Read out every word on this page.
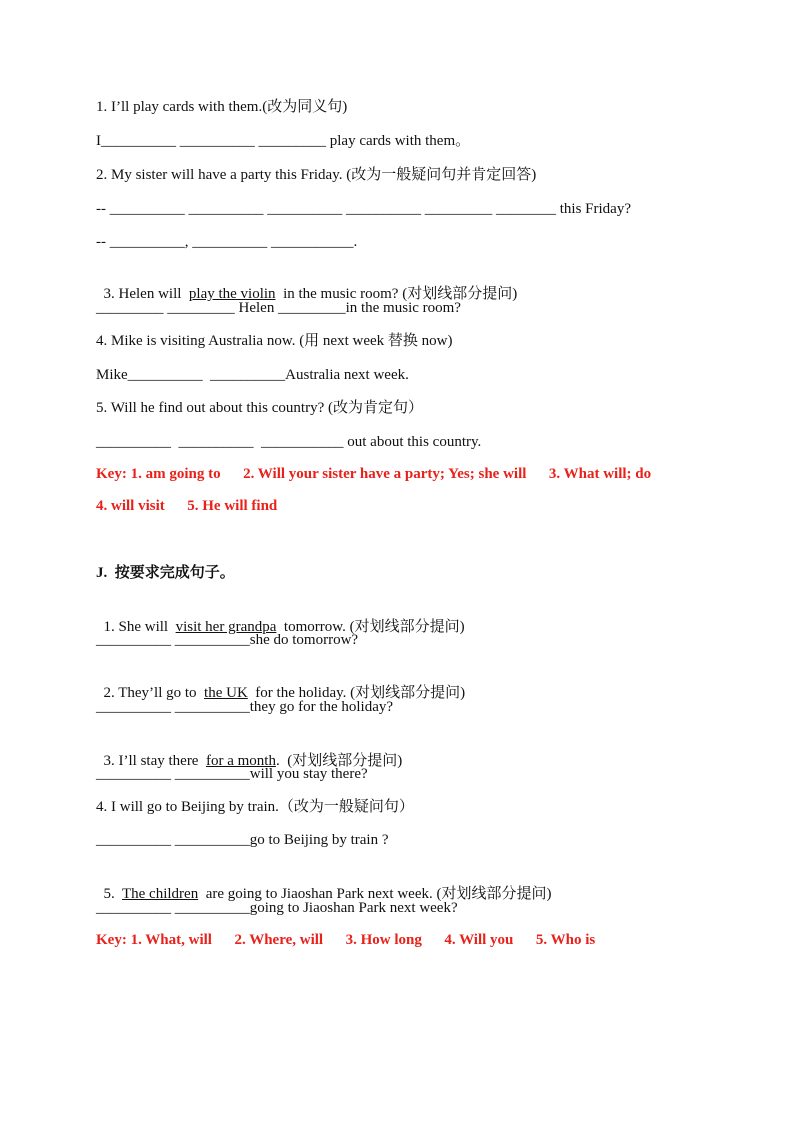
1. I’ll play cards with them.(改为同义句)
I__________ __________ _________ play cards with them。
2. My sister will have a party this Friday. (改为一般疑问句并肯定回答)
-- __________ __________ __________ __________ _________ ________ this Friday?
-- __________, __________ ___________.

3. Helen will  play the violin  in the music room? (对划线部分提问)

_________ _________ Helen _________in the music room?
4. Mike is visiting Australia now. (用 next week 替换 now)
Mike__________  __________Australia next week.
5. Will he find out about this country? (改为肯定句）
__________  __________  ___________ out about this country.
Key: 1. am going to      2. Will your sister have a party; Yes; she will      3. What will; do
4. will visit      5. He will find
J.  按要求完成句子。

1. She will  visit her grandpa  tomorrow. (对划线部分提问)

__________ __________she do tomorrow?

2. They’ll go to  the UK  for the holiday. (对划线部分提问)

__________ __________they go for the holiday?

3. I’ll stay there  for a month.  (对划线部分提问)

__________ __________will you stay there?
4. I will go to Beijing by train.（改为一般疑问句）
__________ __________go to Beijing by train ?

5.  The children  are going to Jiaoshan Park next week. (对划线部分提问)

__________ __________going to Jiaoshan Park next week?
Key: 1. What, will      2. Where, will      3. How long      4. Will you      5. Who is
